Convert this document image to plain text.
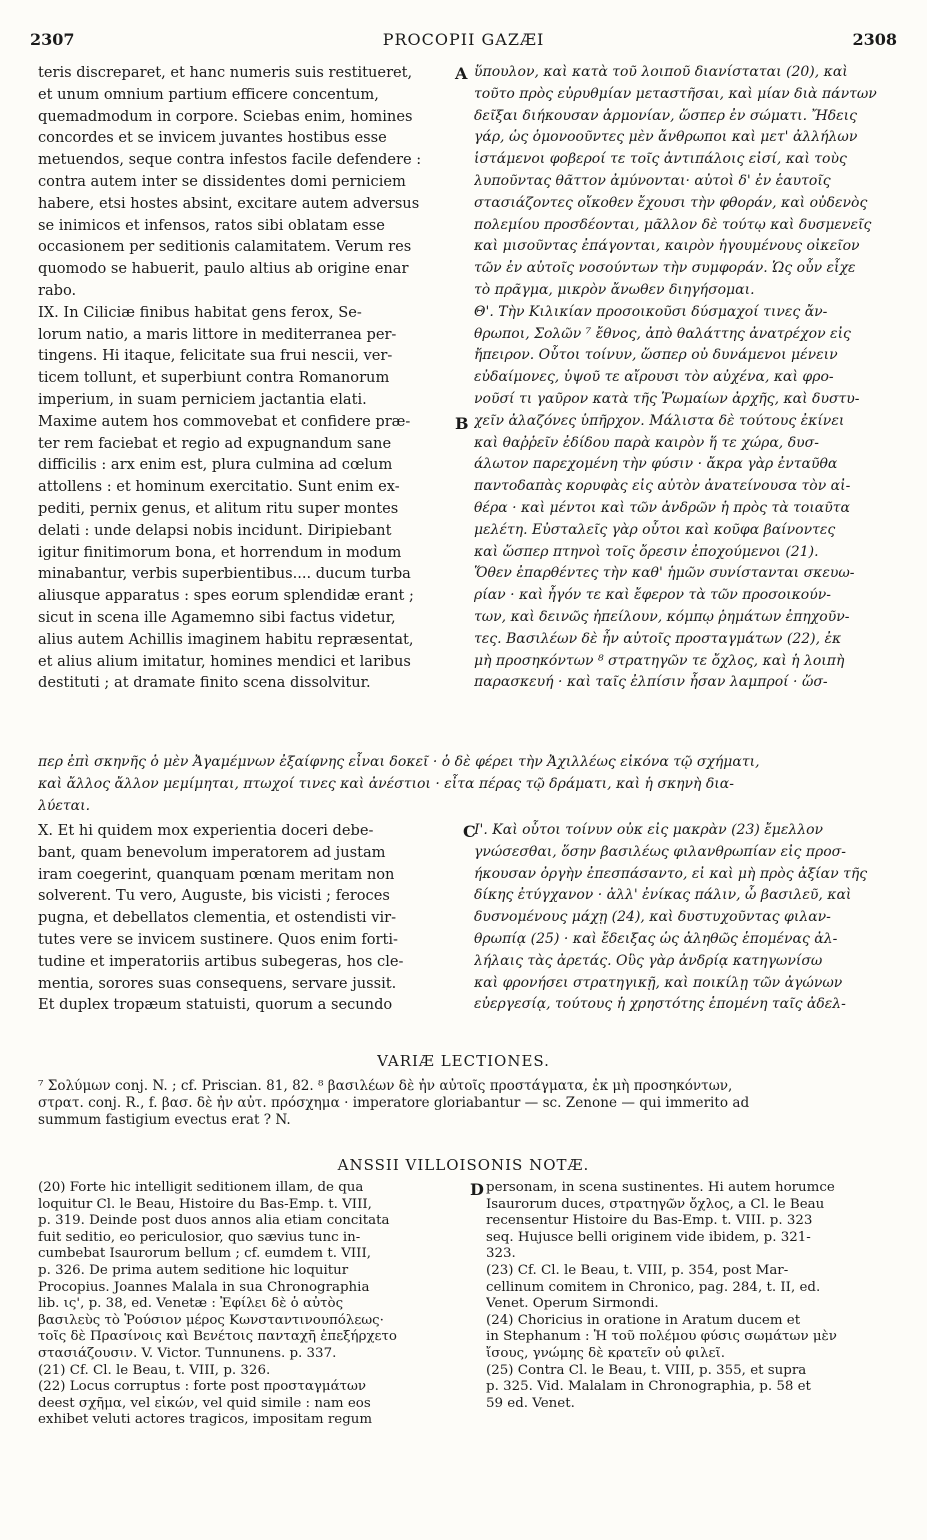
2307	PROCOPII GAZÆI	2308
teris discreparet, et hanc numeris suis restitueret,
et unum omnium partium efficere concentum,
quemadmodum in corpore. Sciebas enim, homines
concordes et se invicem juvantes hostibus esse
metuendos, seque contra infestos facile defendere :
contra autem inter se dissidentes domi perniciem
habere, etsi hostes absint, excitare autem adversus
se inimicos et infensos, ratos sibi oblatam esse
occasionem per seditionis calamitatem. Verum res
quomodo se habuerit, paulo altius ab origine enar
rabo.
IX. In Ciliciæ finibus habitat gens ferox, Se-
lorum natio, a maris littore in mediterranea per-
tingens. Hi itaque, felicitate sua frui nescii, ver-
ticem tollunt, et superbiunt contra Romanorum
imperium, in suam perniciem jactantia elati.
Maxime autem hos commovebat et confidere præ-
ter rem faciebat et regio ad expugnandum sane
difficilis : arx enim est, plura culmina ad cœlum
attollens : et hominum exercitatio. Sunt enim ex-
pediti, pernix genus, et alitum ritu super montes
delati : unde delapsi nobis incidunt. Diripiebant
igitur finitimorum bona, et horrendum in modum
minabantur, verbis superbientibus.... ducum turba
aliusque apparatus : spes eorum splendidæ erant ;
sicut in scena ille Agamemno sibi factus videtur,
alius autem Achillis imaginem habitu repræsentat,
et alius alium imitatur, homines mendici et laribus
destituti ; at dramate finito scena dissolvitur.
ὕπουλον, καὶ κατὰ τοῦ λοιποῦ διανίσταται (20), καὶ
τοῦτο πρὸς εὐρυθμίαν μεταστῆσαι, καὶ μίαν διὰ πάντων
δεῖξαι διήκουσαν ἁρμονίαν, ὥσπερ ἐν σώματι. Ἤδεις
γάρ, ὡς ὁμονοοῦντες μὲν ἄνθρωποι καὶ μετ' ἀλλήλων
ἱστάμενοι φοβεροί τε τοῖς ἀντιπάλοις εἰσί, καὶ τοὺς
λυποῦντας θᾶττον ἀμύνονται· αὐτοὶ δ' ἐν ἑαυτοῖς
στασιάζοντες οἴκοθεν ἔχουσι τὴν φθοράν, καὶ οὐδενὸς
πολεμίου προσδέονται, μᾶλλον δὲ τούτῳ καὶ δυσμενεῖς
καὶ μισοῦντας ἐπάγονται, καιρὸν ἡγουμένους οἰκεῖον
τῶν ἐν αὐτοῖς νοσούντων τὴν συμφοράν. Ὡς οὖν εἶχε
τὸ πρᾶγμα, μικρὸν ἄνωθεν διηγήσομαι.
Θ'. Τὴν Κιλικίαν προσοικοῦσι δύσμαχοί τινες ἄν-
θρωποι, Σολῶν ⁷ ἔθνος, ἀπὸ θαλάττης ἀνατρέχον εἰς
ἤπειρον. Οὗτοι τοίνυν, ὥσπερ οὐ δυνάμενοι μένειν
εὐδαίμονες, ὑψοῦ τε αἴρουσι τὸν αὐχένα, καὶ φρο-
νοῦσί τι γαῦρον κατὰ τῆς Ῥωμαίων ἀρχῆς, καὶ δυστυ-
χεῖν ἀλαζόνες ὑπῆρχον. Μάλιστα δὲ τούτους ἐκίνει
καὶ θαῤῥεῖν ἐδίδου παρὰ καιρὸν ἥ τε χώρα, δυσ-
άλωτον παρεχομένη τὴν φύσιν · ἄκρα γὰρ ἐνταῦθα
παντοδαπὰς κορυφὰς εἰς αὐτὸν ἀνατείνουσα τὸν αἰ-
θέρα · καὶ μέντοι καὶ τῶν ἀνδρῶν ἡ πρὸς τὰ τοιαῦτα
μελέτη. Εὐσταλεῖς γὰρ οὗτοι καὶ κοῦφα βαίνοντες
καὶ ὥσπερ πτηνοὶ τοῖς ὄρεσιν ἐποχούμενοι (21).
Ὅθεν ἐπαρθέντες τὴν καθ' ἡμῶν συνίστανται σκευω-
ρίαν · καὶ ἦγόν τε καὶ ἔφερον τὰ τῶν προσοικούν-
των, καὶ δεινῶς ἠπείλουν, κόμπῳ ῥημάτων ἐπηχοῦν-
τες. Βασιλέων δὲ ἦν αὐτοῖς προσταγμάτων (22), ἐκ
μὴ προσηκόντων ⁸ στρατηγῶν τε ὄχλος, καὶ ἡ λοιπὴ
παρασκευή · καὶ ταῖς ἐλπίσιν ἦσαν λαμπροί · ὥσ-
A
B
C
D
περ ἐπὶ σκηνῆς ὁ μὲν Ἀγαμέμνων ἐξαίφνης εἶναι δοκεῖ · ὁ δὲ φέρει τὴν Ἀχιλλέως εἰκόνα τῷ σχήματι,
καὶ ἄλλος ἄλλον μεμίμηται, πτωχοί τινες καὶ ἀνέστιοι · εἶτα πέρας τῷ δράματι, καὶ ἡ σκηνὴ δια-
λύεται.
X. Et hi quidem mox experientia doceri debe-
bant, quam benevolum imperatorem ad justam
iram coegerint, quanquam pœnam meritam non
solverent. Tu vero, Auguste, bis vicisti ; feroces
pugna, et debellatos clementia, et ostendisti vir-
tutes vere se invicem sustinere. Quos enim forti-
tudine et imperatoriis artibus subegeras, hos cle-
mentia, sorores suas consequens, servare jussit.
Et duplex tropæum statuisti, quorum a secundo
Ι'. Καὶ οὗτοι τοίνυν οὐκ εἰς μακρὰν (23) ἔμελλον
γνώσεσθαι, ὅσην βασιλέως φιλανθρωπίαν εἰς προσ-
ήκουσαν ὀργὴν ἐπεσπάσαντο, εἰ καὶ μὴ πρὸς ἀξίαν τῆς
δίκης ἐτύγχανον · ἀλλ' ἐνίκας πάλιν, ὦ βασιλεῦ, καὶ
δυσνομένους μάχῃ (24), καὶ δυστυχοῦντας φιλαν-
θρωπίᾳ (25) · καὶ ἔδειξας ὡς ἀληθῶς ἑπομένας ἀλ-
λήλαις τὰς ἀρετάς. Οὓς γὰρ ἀνδρίᾳ κατηγωνίσω
καὶ φρονήσει στρατηγικῇ, καὶ ποικίλῃ τῶν ἀγώνων
εὐεργεσίᾳ, τούτους ἡ χρηστότης ἑπομένη ταῖς ἀδελ-
VARIÆ LECTIONES.
⁷ Σολύμων conj. N. ; cf. Priscian. 81, 82. ⁸ βασιλέων δὲ ἦν αὐτοῖς προστάγματα, ἐκ μὴ προσηκόντων,
στρατ. conj. R., f. βασ. δὲ ἦν αὐτ. πρόσχημα · imperatore gloriabantur — sc. Zenone — qui immerito ad
summum fastigium evectus erat ? N.
ANSSII VILLOISONIS NOTÆ.
(20) Forte hic intelligit seditionem illam, de qua
loquitur Cl. le Beau, Histoire du Bas-Emp. t. VIII,
p. 319. Deinde post duos annos alia etiam concitata
fuit seditio, eo periculosior, quo sævius tunc in-
cumbebat Isaurorum bellum ; cf. eumdem t. VIII,
p. 326. De prima autem seditione hic loquitur
Procopius. Joannes Malala in sua Chronographia
lib. ις', p. 38, ed. Venetæ : Ἐφίλει δὲ ὁ αὐτὸς
βασιλεὺς τὸ Ῥούσιον μέρος Κωνσταντινουπόλεως·
τοῖς δὲ Πρασίνοις καὶ Βενέτοις πανταχῆ ἐπεξήρχετο
στασιάζουσιν. V. Victor. Tunnunens. p. 337.
(21) Cf. Cl. le Beau, t. VIII, p. 326.
(22) Locus corruptus : forte post προσταγμάτων
deest σχῆμα, vel εἰκών, vel quid simile : nam eos
exhibet veluti actores tragicos, impositam regum
personam, in scena sustinentes. Hi autem horumce
Isaurorum duces, στρατηγῶν ὄχλος, a Cl. le Beau
recensentur Histoire du Bas-Emp. t. VIII. p. 323
seq. Hujusce belli originem vide ibidem, p. 321-
323.
(23) Cf. Cl. le Beau, t. VIII, p. 354, post Mar-
cellinum comitem in Chronico, pag. 284, t. II, ed.
Venet. Operum Sirmondi.
(24) Choricius in oratione in Aratum ducem et
in Stephanum : Ἡ τοῦ πολέμου φύσις σωμάτων μὲν
ἴσους, γνώμης δὲ κρατεῖν οὐ φιλεῖ.
(25) Contra Cl. le Beau, t. VIII, p. 355, et supra
p. 325. Vid. Malalam in Chronographia, p. 58 et
59 ed. Venet.
